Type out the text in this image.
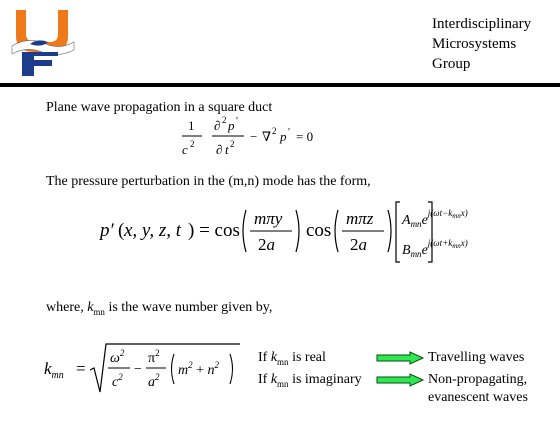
Interdisciplinary
Microsystems
Group
Plane wave propagation in a square duct
1
c 2
∂ 2 p ′
∂ t 2 − ∇ 2 p ′ = 0
The pressure perturbation in the (m,n) mode has the form,
p′ ( x, y, z, t ) = cos
mπy
2a
cos
mπz
2a
$A_{mn}e^{j(\omega t-k}mnx$)
$B_{mn}e^{j(\omega t+k}mnx$)
where, $k_{mn}$ is the wave number given by,
$k_{mn}$ =
$\omega^2$
$c^2$ −
$\pi^2$
$a^2$ $m^2 + n^2$	If $k_{mn}$ is real
If $k_{mn}$ is imaginary
Travelling waves
Non-propagating,
evanescent waves
